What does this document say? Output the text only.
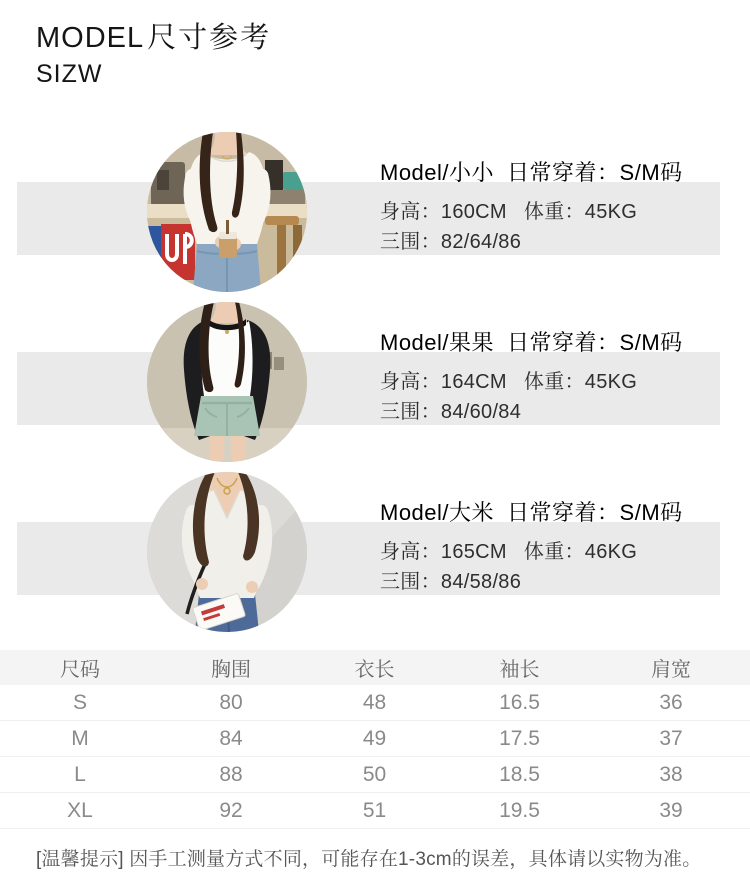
MODEL 尺寸参考
SIZW
Model/小小 日常穿着：S/M码
身高：160CM 体重：45KG
三围：82/64/86
Model/果果 日常穿着：S/M码
身高：164CM 体重：45KG
三围：84/60/84
Model/大米 日常穿着：S/M码
身高：165CM 体重：46KG
三围：84/58/86
尺码	胸围	衣长	袖长	肩宽
S	80	48	16.5	36
M	84	49	17.5	37
L	88	50	18.5	38
XL	92	51	19.5	39
[温馨提示] 因手工测量方式不同，可能存在1-3cm的误差，具体请以实物为准。
